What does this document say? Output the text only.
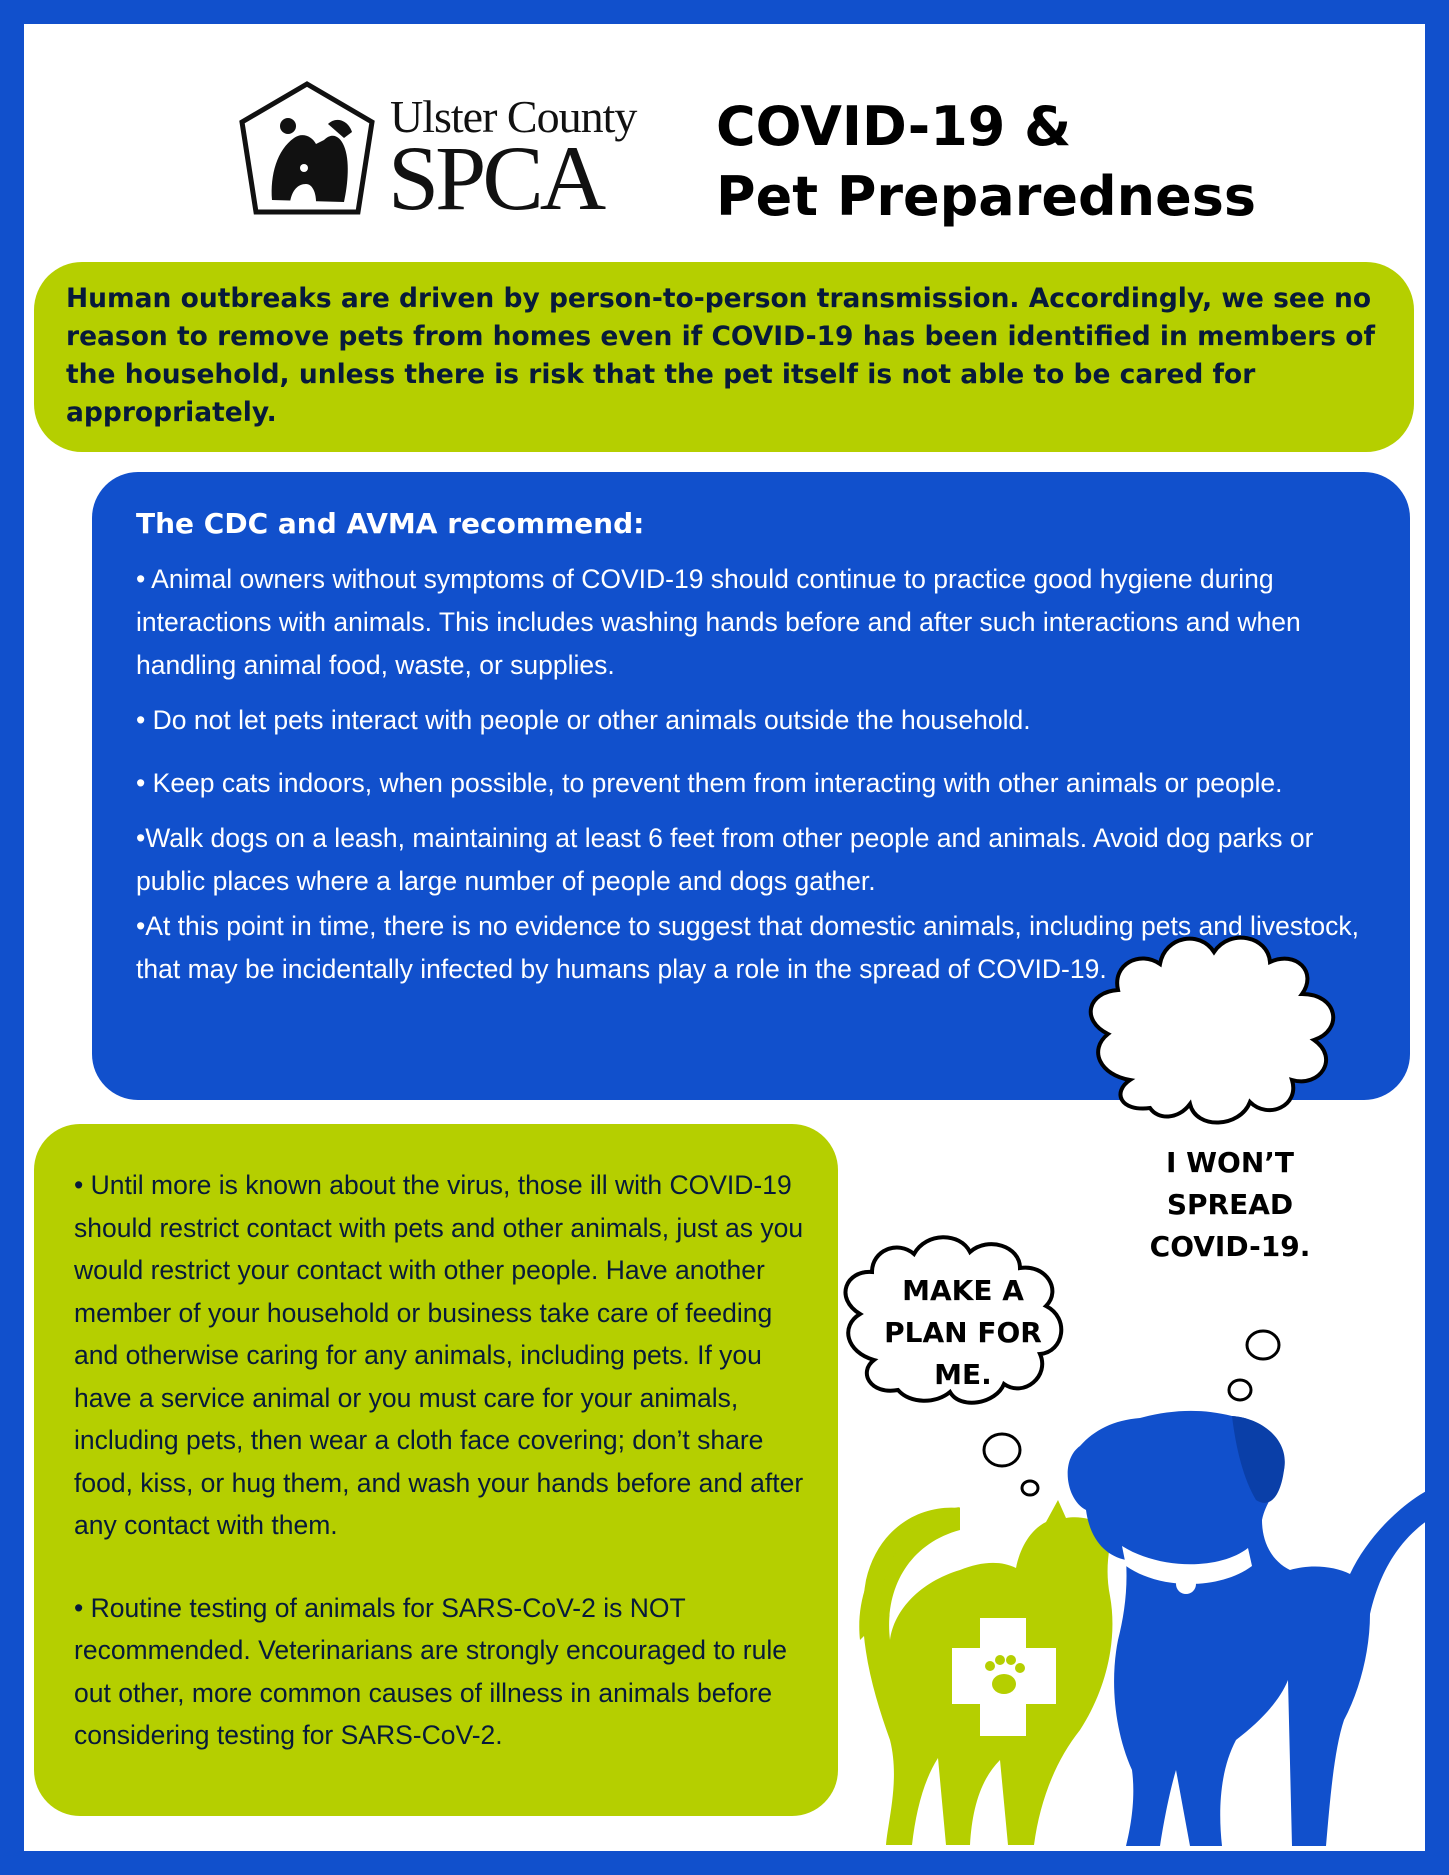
Ulster County
SPCA
COVID-19 &
Pet Preparedness

Human outbreaks are driven by person-to-person transmission. Accordingly, we see no reason to remove pets from homes even if COVID-19 has been identified in members of the household, unless there is risk that the pet itself is not able to be cared for appropriately.

The CDC and AVMA recommend:
• Animal owners without symptoms of COVID-19 should continue to practice good hygiene during interactions with animals. This includes washing hands before and after such interactions and when handling animal food, waste, or supplies.
• Do not let pets interact with people or other animals outside the household.
• Keep cats indoors, when possible, to prevent them from interacting with other animals or people.
•Walk dogs on a leash, maintaining at least 6 feet from other people and animals. Avoid dog parks or public places where a large number of people and dogs gather.
•At this point in time, there is no evidence to suggest that domestic animals, including pets and livestock, that may be incidentally infected by humans play a role in the spread of COVID-19.
• Until more is known about the virus, those ill with COVID-19 should restrict contact with pets and other animals, just as you would restrict your contact with other people. Have another member of your household or business take care of feeding and otherwise caring for any animals, including pets. If you have a service animal or you must care for your animals, including pets, then wear a cloth face covering; don’t share food, kiss, or hug them, and wash your hands before and after any contact with them.
• Routine testing of animals for SARS-CoV-2 is NOT recommended. Veterinarians are strongly encouraged to rule out other, more common causes of illness in animals before considering testing for SARS-CoV-2.
I WON’T
SPREAD
COVID-19.
MAKE A
PLAN FOR
ME.
